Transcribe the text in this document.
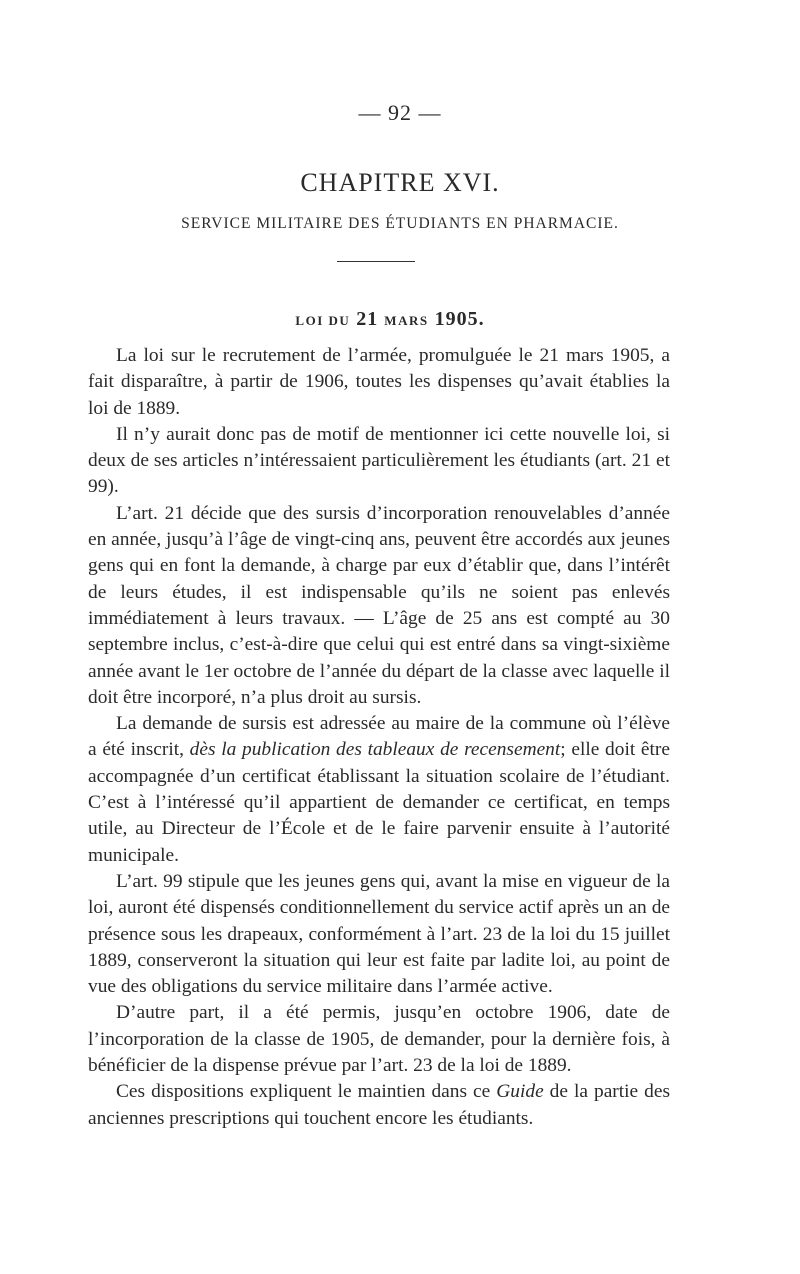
— 92 —
CHAPITRE XVI.
SERVICE MILITAIRE DES ÉTUDIANTS EN PHARMACIE.
LOI DU 21 MARS 1905.

La loi sur le recrutement de l’armée, promulguée le 21 mars 1905, a fait disparaître, à partir de 1906, toutes les dispenses qu’avait établies la loi de 1889.

Il n’y aurait donc pas de motif de mentionner ici cette nouvelle loi, si deux de ses articles n’intéressaient particulièrement les étudiants (art. 21 et 99).

L’art. 21 décide que des sursis d’incorporation renouvelables d’année en année, jusqu’à l’âge de vingt-cinq ans, peuvent être accordés aux jeunes gens qui en font la demande, à charge par eux d’établir que, dans l’intérêt de leurs études, il est indispensable qu’ils ne soient pas enlevés immédiatement à leurs travaux. — L’âge de 25 ans est compté au 30 septembre inclus, c’est-à-dire que celui qui est entré dans sa vingt-sixième année avant le 1er octobre de l’année du départ de la classe avec laquelle il doit être incorporé, n’a plus droit au sursis.

La demande de sursis est adressée au maire de la commune où l’élève a été inscrit, dès la publication des tableaux de recensement; elle doit être accompagnée d’un certificat établissant la situation scolaire de l’étudiant. C’est à l’intéressé qu’il appartient de demander ce certificat, en temps utile, au Directeur de l’École et de le faire parvenir ensuite à l’autorité municipale.

L’art. 99 stipule que les jeunes gens qui, avant la mise en vigueur de la loi, auront été dispensés conditionnellement du service actif après un an de présence sous les drapeaux, conformément à l’art. 23 de la loi du 15 juillet 1889, conserveront la situation qui leur est faite par ladite loi, au point de vue des obligations du service militaire dans l’armée active.

D’autre part, il a été permis, jusqu’en octobre 1906, date de l’incorporation de la classe de 1905, de demander, pour la dernière fois, à bénéficier de la dispense prévue par l’art. 23 de la loi de 1889.

Ces dispositions expliquent le maintien dans ce Guide de la partie des anciennes prescriptions qui touchent encore les étudiants.
